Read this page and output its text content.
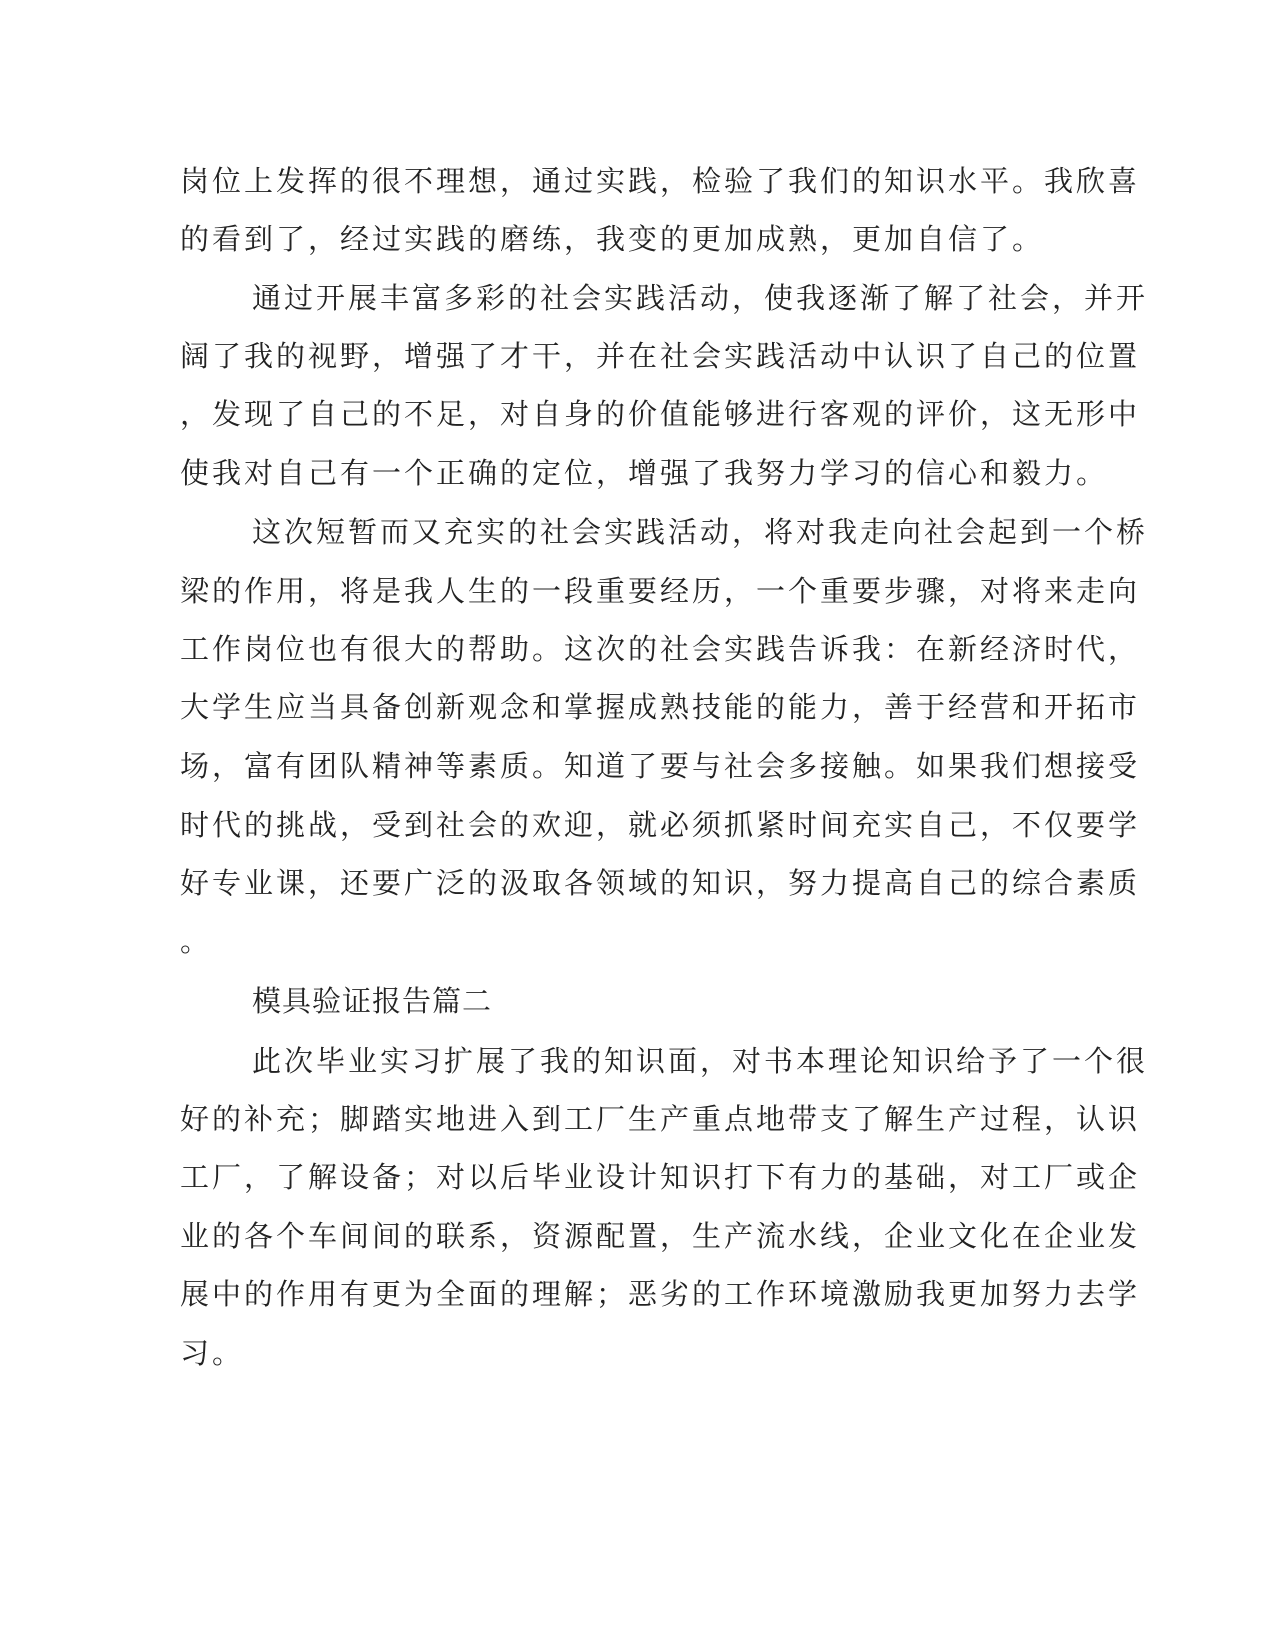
岗位上发挥的很不理想，通过实践，检验了我们的知识水平。我欣喜
的看到了，经过实践的磨练，我变的更加成熟，更加自信了。
通过开展丰富多彩的社会实践活动，使我逐渐了解了社会，并开
阔了我的视野，增强了才干，并在社会实践活动中认识了自己的位置
，发现了自己的不足，对自身的价值能够进行客观的评价，这无形中
使我对自己有一个正确的定位，增强了我努力学习的信心和毅力。
这次短暂而又充实的社会实践活动，将对我走向社会起到一个桥
梁的作用，将是我人生的一段重要经历，一个重要步骤，对将来走向
工作岗位也有很大的帮助。这次的社会实践告诉我：在新经济时代，
大学生应当具备创新观念和掌握成熟技能的能力，善于经营和开拓市
场，富有团队精神等素质。知道了要与社会多接触。如果我们想接受
时代的挑战，受到社会的欢迎，就必须抓紧时间充实自己，不仅要学
好专业课，还要广泛的汲取各领域的知识，努力提高自己的综合素质
。
模具验证报告篇二
此次毕业实习扩展了我的知识面，对书本理论知识给予了一个很
好的补充；脚踏实地进入到工厂生产重点地带支了解生产过程，认识
工厂，了解设备；对以后毕业设计知识打下有力的基础，对工厂或企
业的各个车间间的联系，资源配置，生产流水线，企业文化在企业发
展中的作用有更为全面的理解；恶劣的工作环境激励我更加努力去学
习。
